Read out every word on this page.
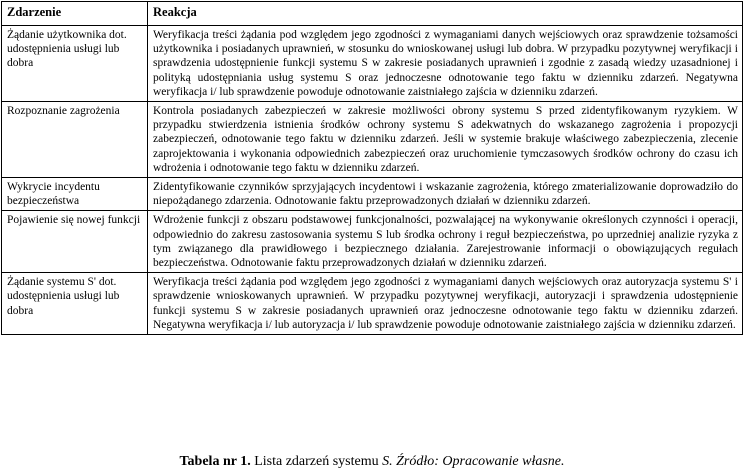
Zdarzenie	Reakcja
Żądanie użytkownika dot. udostępnienia usługi lub dobra	Weryfikacja treści żądania pod względem jego zgodności z wymaganiami danych wejściowych oraz sprawdzenie tożsamości użytkownika i posiadanych uprawnień, w stosunku do wnioskowanej usługi lub dobra. W przypadku pozytywnej weryfikacji i sprawdzenia udostępnienie funkcji systemu S w zakresie posiadanych uprawnień i zgodnie z zasadą wiedzy uzasadnionej i polityką udostępniania usług systemu S oraz jednoczesne odnotowanie tego faktu w dzienniku zdarzeń. Negatywna weryfikacja i/ lub sprawdzenie powoduje odnotowanie zaistniałego zajścia w dzienniku zdarzeń.
Rozpoznanie zagrożenia	Kontrola posiadanych zabezpieczeń w zakresie możliwości obrony systemu S przed zidentyfikowanym ryzykiem. W przypadku stwierdzenia istnienia środków ochrony systemu S adekwatnych do wskazanego zagrożenia i propozycji zabezpieczeń, odnotowanie tego faktu w dzienniku zdarzeń. Jeśli w systemie brakuje właściwego zabezpieczenia, zlecenie zaprojektowania i wykonania odpowiednich zabezpieczeń oraz uruchomienie tymczasowych środków ochrony do czasu ich wdrożenia i odnotowanie tego faktu w dzienniku zdarzeń.
Wykrycie incydentu bezpieczeństwa	Zidentyfikowanie czynników sprzyjających incydentowi i wskazanie zagrożenia, którego zmaterializowanie doprowadziło do niepożądanego zdarzenia. Odnotowanie faktu przeprowadzonych działań w dzienniku zdarzeń.
Pojawienie się nowej funkcji	Wdrożenie funkcji z obszaru podstawowej funkcjonalności, pozwalającej na wykonywanie określonych czynności i operacji, odpowiednio do zakresu zastosowania systemu S lub środka ochrony i reguł bezpieczeństwa, po uprzedniej analizie ryzyka z tym związanego dla prawidłowego i bezpiecznego działania. Zarejestrowanie informacji o obowiązujących regułach bezpieczeństwa. Odnotowanie faktu przeprowadzonych działań w dzienniku zdarzeń.
Żądanie systemu S' dot. udostępnienia usługi lub dobra	Weryfikacja treści żądania pod względem jego zgodności z wymaganiami danych wejściowych oraz autoryzacja systemu S' i sprawdzenie wnioskowanych uprawnień. W przypadku pozytywnej weryfikacji, autoryzacji i sprawdzenia udostępnienie funkcji systemu S w zakresie posiadanych uprawnień oraz jednoczesne odnotowanie tego faktu w dzienniku zdarzeń. Negatywna weryfikacja i/ lub autoryzacja i/ lub sprawdzenie powoduje odnotowanie zaistniałego zajścia w dzienniku zdarzeń.
Tabela nr 1. Lista zdarzeń systemu S. Źródło: Opracowanie własne.
